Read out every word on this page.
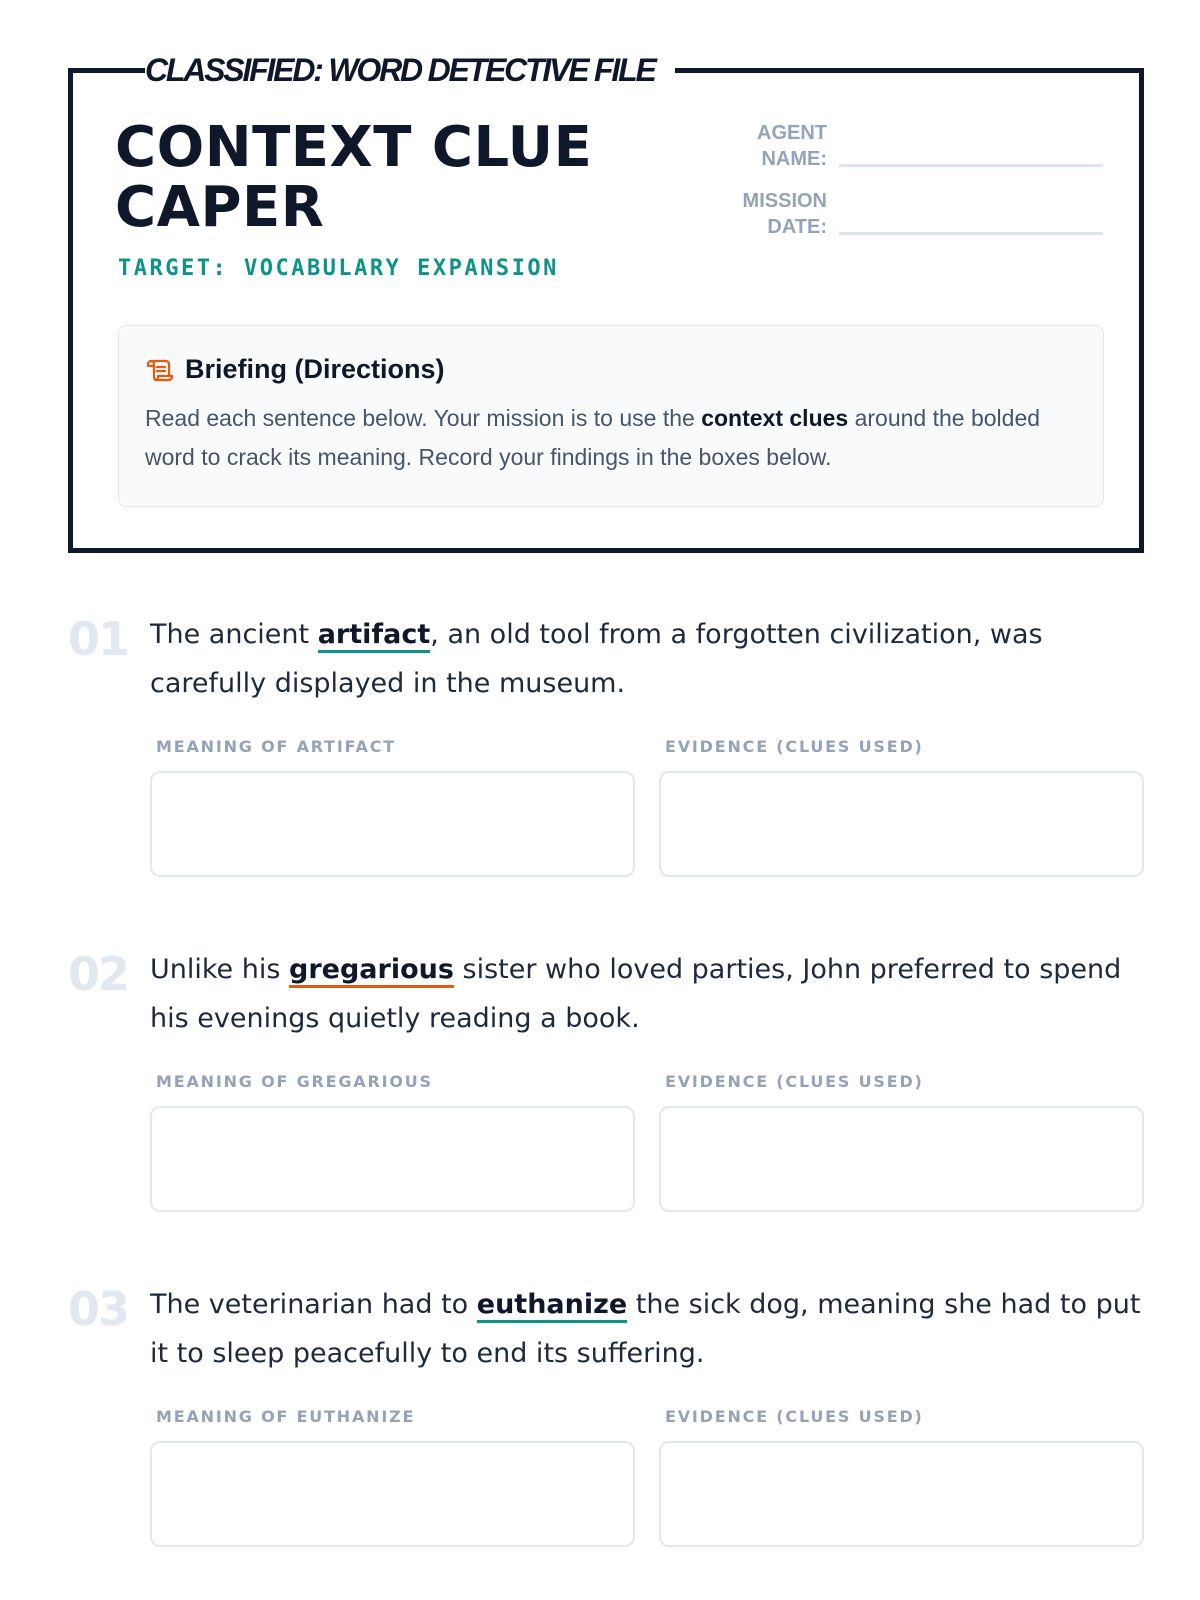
CLASSIFIED: WORD DETECTIVE FILE
CONTEXT CLUE CAPER
TARGET: VOCABULARY EXPANSION
AGENT
NAME:
MISSION
DATE:
Briefing (Directions)
Read each sentence below. Your mission is to use the context clues around the bolded word to crack its meaning. Record your findings in the boxes below.
01 The ancient artifact, an old tool from a forgotten civilization, was carefully displayed in the museum.
MEANING OF ARTIFACT	EVIDENCE (CLUES USED)
02 Unlike his gregarious sister who loved parties, John preferred to spend his evenings quietly reading a book.
MEANING OF GREGARIOUS	EVIDENCE (CLUES USED)
03 The veterinarian had to euthanize the sick dog, meaning she had to put it to sleep peacefully to end its suffering.
MEANING OF EUTHANIZE	EVIDENCE (CLUES USED)
